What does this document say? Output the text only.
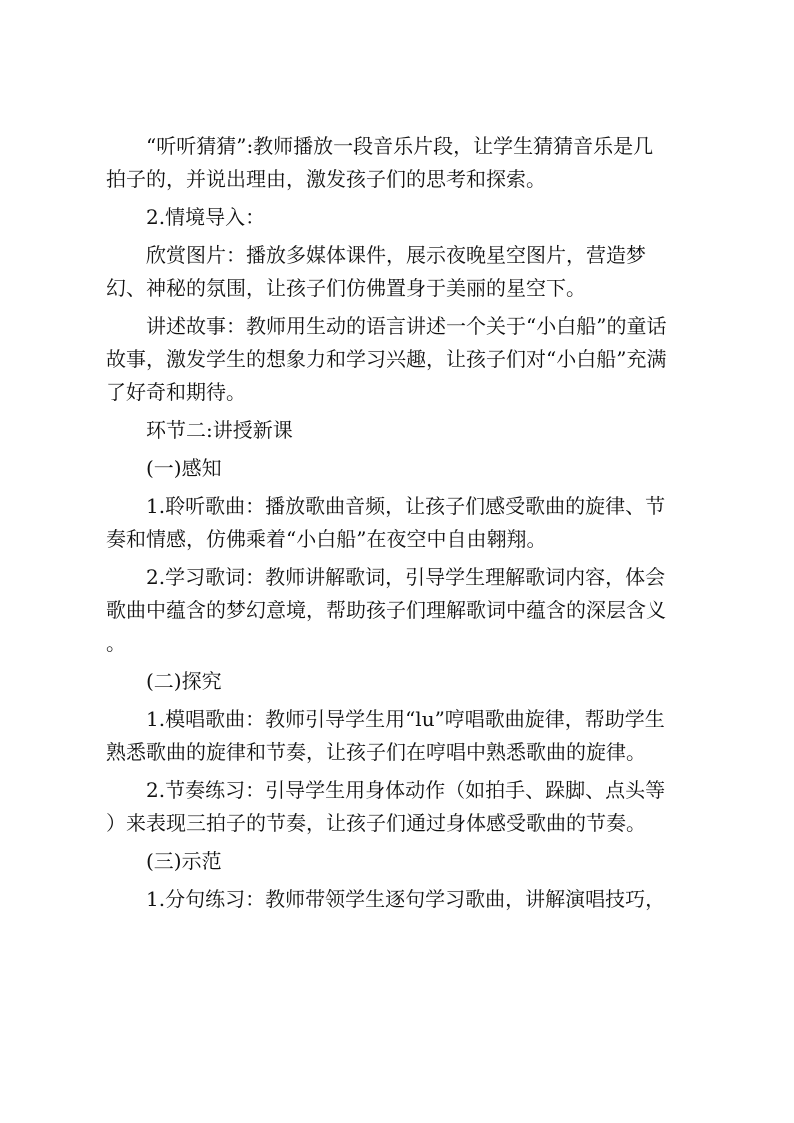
“听听猜猜”:教师播放一段音乐片段，让学生猜猜音乐是几
拍子的，并说出理由，激发孩子们的思考和探索。
2.情境导入：
欣赏图片：播放多媒体课件，展示夜晚星空图片，营造梦
幻、神秘的氛围，让孩子们仿佛置身于美丽的星空下。
讲述故事：教师用生动的语言讲述一个关于“小白船”的童话
故事，激发学生的想象力和学习兴趣，让孩子们对“小白船”充满
了好奇和期待。
环节二:讲授新课
(一)感知
1.聆听歌曲：播放歌曲音频，让孩子们感受歌曲的旋律、节
奏和情感，仿佛乘着“小白船”在夜空中自由翱翔。
2.学习歌词：教师讲解歌词，引导学生理解歌词内容，体会
歌曲中蕴含的梦幻意境，帮助孩子们理解歌词中蕴含的深层含义
。
(二)探究
1.模唱歌曲：教师引导学生用“lu”哼唱歌曲旋律，帮助学生
熟悉歌曲的旋律和节奏，让孩子们在哼唱中熟悉歌曲的旋律。
2.节奏练习：引导学生用身体动作（如拍手、跺脚、点头等
）来表现三拍子的节奏，让孩子们通过身体感受歌曲的节奏。
(三)示范
1.分句练习：教师带领学生逐句学习歌曲，讲解演唱技巧，
